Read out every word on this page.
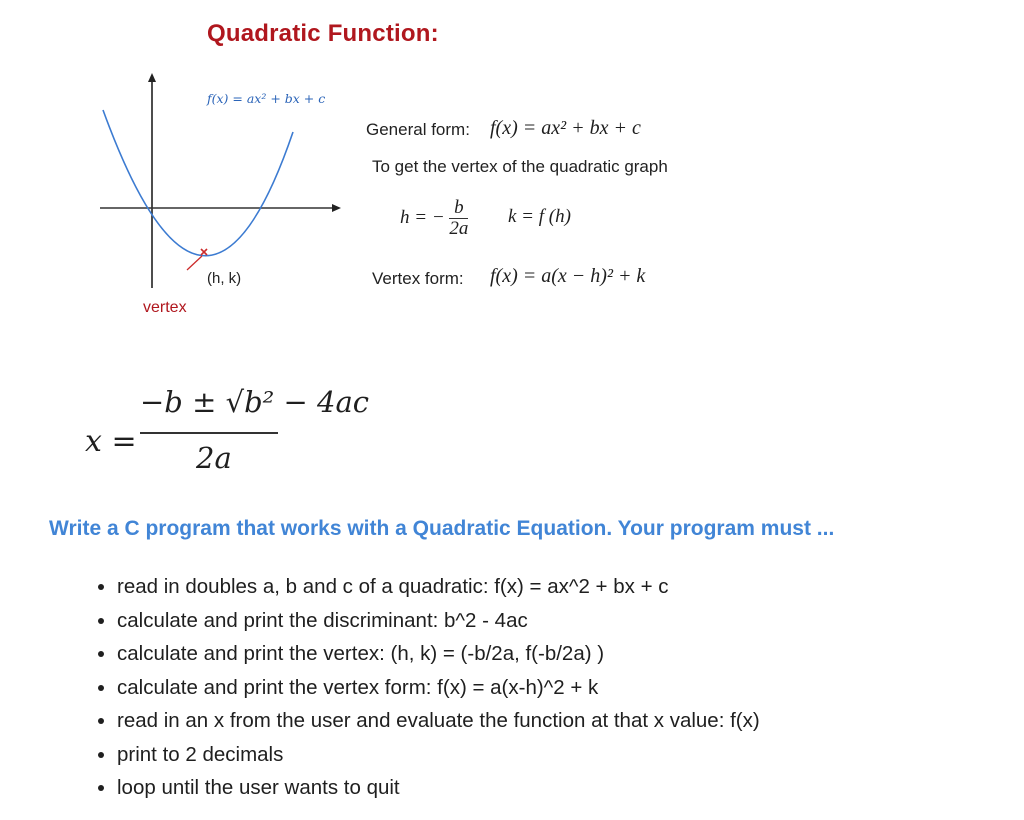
Quadratic Function:
f(x) = ax² + bx + c
(h, k)
vertex
General form: f(x) = ax² + bx + c
To get the vertex of the quadratic graph
h = − $\frac{b}{2a}$ k = f (h)
Vertex form: f(x) = a(x − h)² + k
x =
−b ± √b² − 4ac
2a
Write a C program that works with a Quadratic Equation. Your program must ...
• read in doubles a, b and c of a quadratic: f(x) = ax^2 + bx + c
• calculate and print the discriminant: b^2 - 4ac
• calculate and print the vertex: (h, k) = (-b/2a, f(-b/2a) )
• calculate and print the vertex form: f(x) = a(x-h)^2 + k
• read in an x from the user and evaluate the function at that x value: f(x)
• print to 2 decimals
• loop until the user wants to quit
